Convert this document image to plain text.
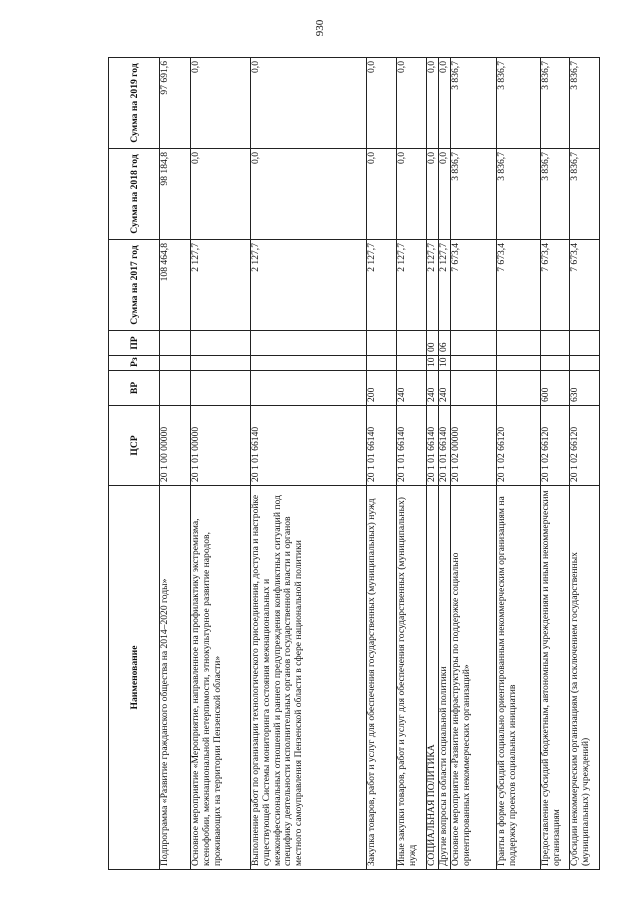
930
Наименование	ЦСР	ВР	Рз	ПР	Сумма на 2017 год	Сумма на 2018 год	Сумма на 2019 год
Подпрограмма «Развитие гражданского общества на 2014–2020 годы»	20 1 00 00000				108 464,8	98 184,8	97 691,6
Основное мероприятие «Мероприятие, направленное на профилактику экстремизма, ксенофобии, межнациональной нетерпимости, этнокультурное развитие народов, проживающих на территории Пензенской области»	20 1 01 00000				2 127,7	0,0	0,0
Выполнение работ по организации технологического присоединения, доступа и настройке существующей Системы мониторинга состояния межнациональных и межконфессиональных отношений и раннего предупреждения конфликтных ситуаций под специфику деятельности исполнительных органов государственной власти и органов местного самоуправления Пензенской области в сфере национальной политики	20 1 01 66140				2 127,7	0,0	0,0
Закупка товаров, работ и услуг для обеспечения государственных (муниципальных) нужд	20 1 01 66140	200			2 127,7	0,0	0,0
Иные закупки товаров, работ и услуг для обеспечения государственных (муниципальных) нужд	20 1 01 66140	240			2 127,7	0,0	0,0
СОЦИАЛЬНАЯ ПОЛИТИКА	20 1 01 66140	240	10	00	2 127,7	0,0	0,0
Другие вопросы в области социальной политики	20 1 01 66140	240	10	06	2 127,7	0,0	0,0
Основное мероприятие «Развитие инфраструктуры по поддержке социально ориентированных некоммерческих организаций»	20 1 02 00000				7 673,4	3 836,7	3 836,7
Гранты в форме субсидий социально ориентированным некоммерческим организациям на поддержку проектов социальных инициатив	20 1 02 66120				7 673,4	3 836,7	3 836,7
Предоставление субсидий бюджетным, автономным учреждениям и иным некоммерческим организациям	20 1 02 66120	600			7 673,4	3 836,7	3 836,7
Субсидии некоммерческим организациям (за исключением государственных (муниципальных) учреждений)	20 1 02 66120	630			7 673,4	3 836,7	3 836,7
